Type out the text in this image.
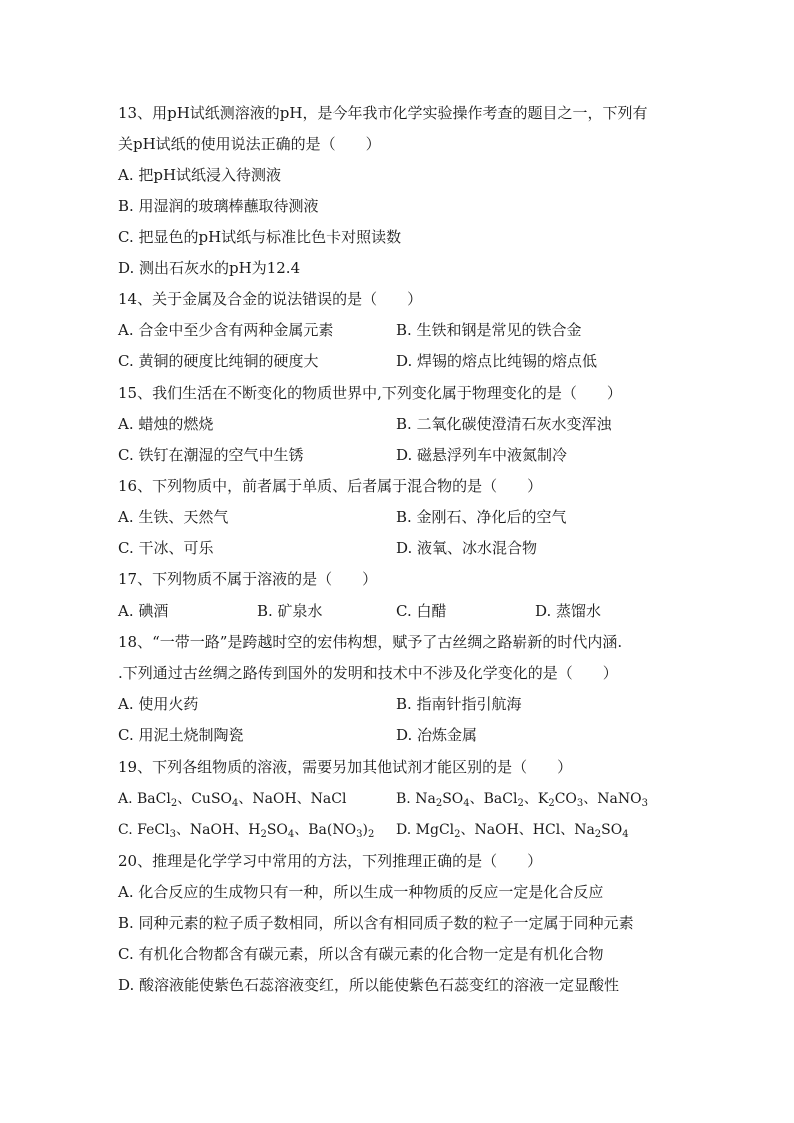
13、用pH试纸测溶液的pH，是今年我市化学实验操作考查的题目之一，下列有
关pH试纸的使用说法正确的是（　　）
A. 把pH试纸浸入待测液
B. 用湿润的玻璃棒蘸取待测液
C. 把显色的pH试纸与标准比色卡对照读数
D. 测出石灰水的pH为12.4
14、关于金属及合金的说法错误的是（　　）
A. 合金中至少含有两种金属元素	B. 生铁和钢是常见的铁合金
C. 黄铜的硬度比纯铜的硬度大	D. 焊锡的熔点比纯锡的熔点低
15、我们生活在不断变化的物质世界中,下列变化属于物理变化的是（　　）
A. 蜡烛的燃烧	B. 二氧化碳使澄清石灰水变浑浊
C. 铁钉在潮湿的空气中生锈	D. 磁悬浮列车中液氮制冷
16、下列物质中，前者属于单质、后者属于混合物的是（　　）
A. 生铁、天然气	B. 金刚石、净化后的空气
C. 干冰、可乐	D. 液氧、冰水混合物
17、下列物质不属于溶液的是（　　）
A. 碘酒	B. 矿泉水	C. 白醋	D. 蒸馏水
18、“一带一路”是跨越时空的宏伟构想，赋予了古丝绸之路崭新的时代内涵.
.下列通过古丝绸之路传到国外的发明和技术中不涉及化学变化的是（　　）
A. 使用火药	B. 指南针指引航海
C. 用泥土烧制陶瓷	D. 冶炼金属
19、下列各组物质的溶液，需要另加其他试剂才能区别的是（　　）
A. BaCl$_2$、CuSO$_4$、NaOH、NaCl	B. $Na_2SO_4$、BaCl$_2$、$K_2CO_3$、NaNO$_3$
C. FeCl$_3$、NaOH、$H_2SO_4$、$Ba(NO_3)_2$ D. MgCl$_2$、NaOH、HCl、$Na_2SO_4$
20、推理是化学学习中常用的方法，下列推理正确的是（　　）
A. 化合反应的生成物只有一种，所以生成一种物质的反应一定是化合反应
B. 同种元素的粒子质子数相同，所以含有相同质子数的粒子一定属于同种元素
C. 有机化合物都含有碳元素，所以含有碳元素的化合物一定是有机化合物
D. 酸溶液能使紫色石蕊溶液变红，所以能使紫色石蕊变红的溶液一定显酸性
